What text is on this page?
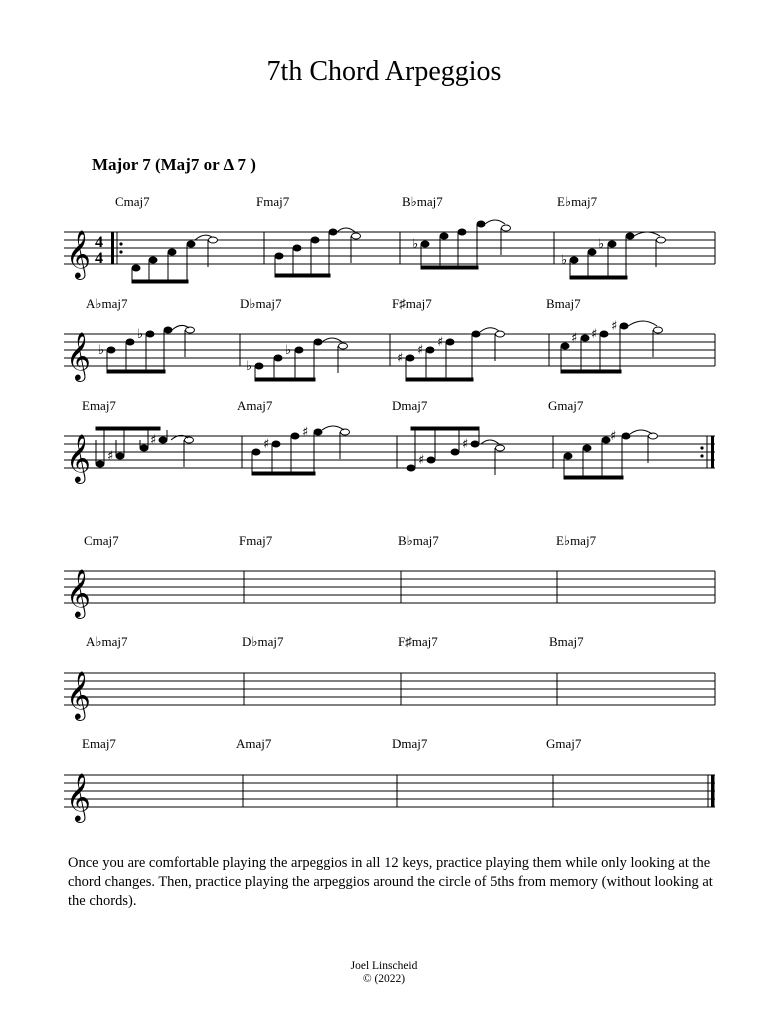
7th Chord Arpeggios
Major 7 (Maj7 or Δ 7 )
Cmaj7	Fmaj7	B♭maj7	E♭maj7
A♭maj7	D♭maj7	F♯maj7	Bmaj7
Emaj7	Amaj7	Dmaj7	Gmaj7
Cmaj7	Fmaj7	B♭maj7	E♭maj7
A♭maj7	D♭maj7	F♯maj7	Bmaj7
Emaj7	Amaj7	Dmaj7	Gmaj7
𝄞 4
4
♭
♭
♭
𝄞 ♭
♭
♭
♭
♯
♯
♯	♯ ♯
♯
𝄞 ♯
♯	♯
♯
♯
♯
♯
𝄞
𝄞
𝄞
Once you are comfortable playing the arpeggios in all 12 keys, practice playing them while only looking at the chord changes. Then, practice playing the arpeggios around the circle of 5ths from memory (without looking at the chords).
Joel Linscheid
© (2022)
